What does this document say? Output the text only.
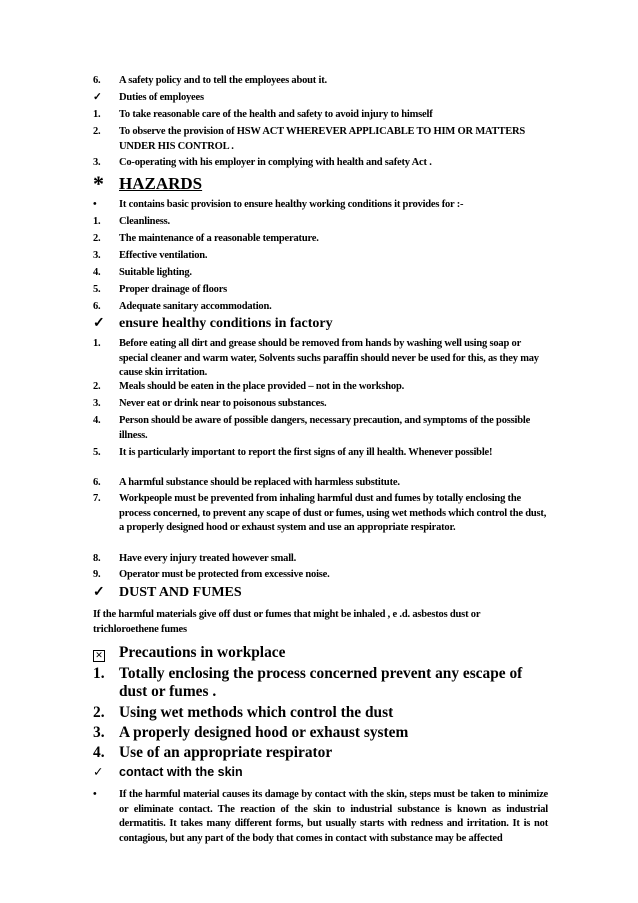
6.	A safety policy and to tell the employees about it.
✓	Duties of employees
1.	To take reasonable care of the health and safety to avoid injury to himself
2.	To observe the provision of HSW ACT WHEREVER APPLICABLE TO HIM OR MATTERS UNDER HIS CONTROL .
3.	Co-operating with his employer in complying with health and safety Act .
* HAZARDS
•	It contains basic provision to ensure healthy working conditions it provides for :-
1.	Cleanliness.
2.	The maintenance of a reasonable temperature.
3.	Effective ventilation.
4.	Suitable lighting.
5.	Proper drainage of floors
6.	Adequate sanitary accommodation.
✓	ensure healthy conditions in factory
1.	Before eating all dirt and grease should be removed from hands by washing well using soap or special cleaner and warm water, Solvents suchs paraffin should never be used for this, as they may cause skin irritation.
2.	Meals should be eaten in the place provided – not in the workshop.
3.	Never eat or drink near to poisonous substances.
4.	Person should be aware of possible dangers, necessary precaution, and symptoms of the possible illness.
5.	It is particularly important to report the first signs of any ill health. Whenever possible!
6.	A harmful substance should be replaced with harmless substitute.
7.	Workpeople must be prevented from inhaling harmful dust and fumes by totally enclosing the process concerned, to prevent any scape of dust or fumes, using wet methods which control the dust, a properly designed hood or exhaust system and use an appropriate respirator.
8.	Have every injury treated however small.
9.	Operator must be protected from excessive noise.
✓	DUST AND FUMES
If the harmful materials give off dust or fumes that might be inhaled , e .d. asbestos dust or trichloroethene fumes
✕	Precautions in workplace
1. Totally enclosing the process concerned prevent any escape of dust or fumes .
2. Using wet methods which control the dust
3. A properly designed hood or exhaust system
4. Use of an appropriate respirator
✓	contact with the skin
•	If the harmful material causes its damage by contact with the skin, steps must be taken to minimize or eliminate contact. The reaction of the skin to industrial substance is known as industrial dermatitis. It takes many different forms, but usually starts with redness and irritation. It is not contagious, but any part of the body that comes in contact with substance may be affected
